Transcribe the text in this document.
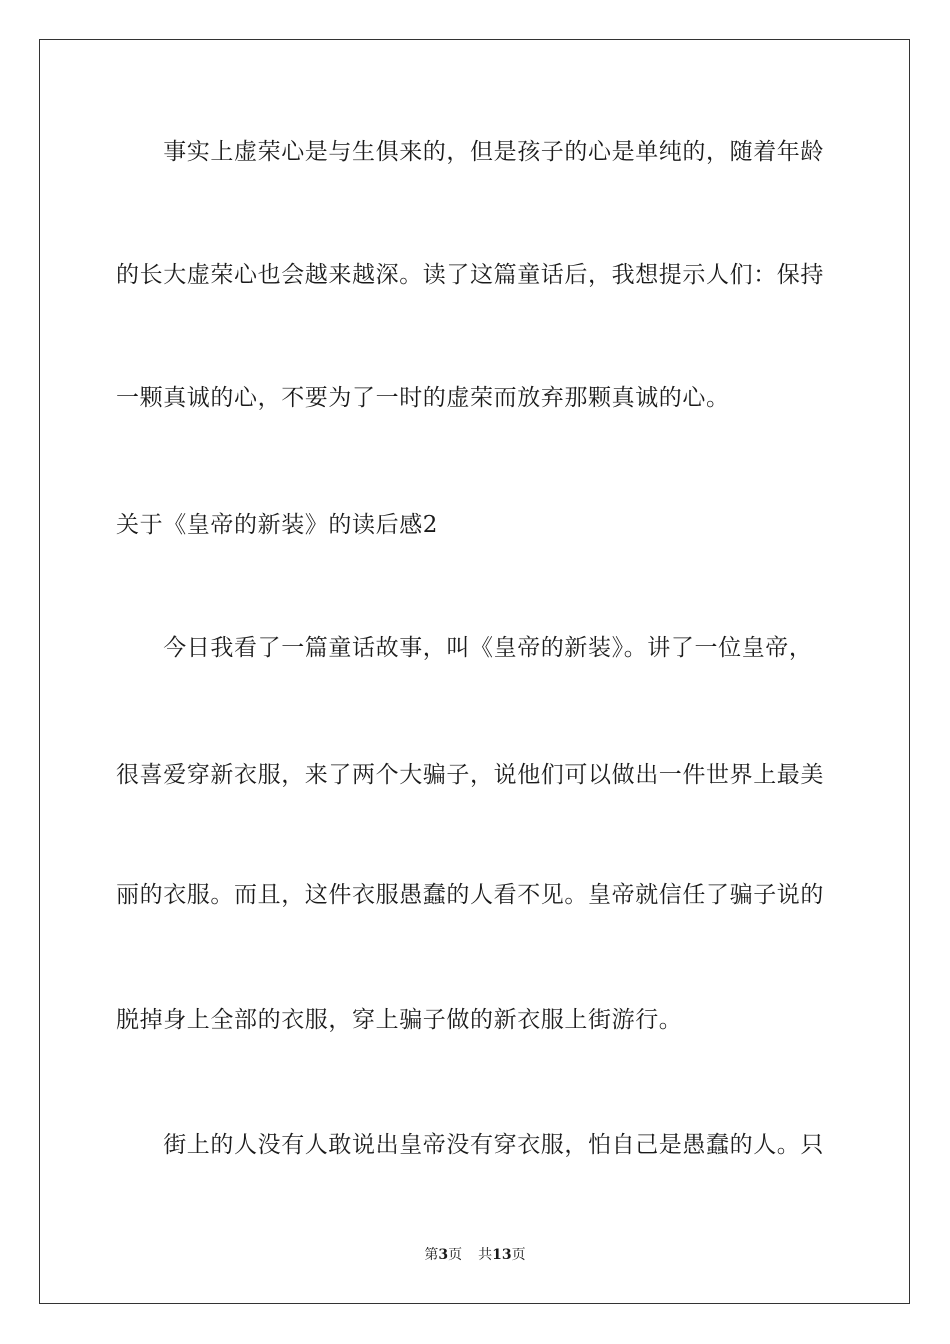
　　事实上虚荣心是与生俱来的，但是孩子的心是单纯的，随着年龄
的长大虚荣心也会越来越深。读了这篇童话后，我想提示人们：保持
一颗真诚的心，不要为了一时的虚荣而放弃那颗真诚的心。
关于《皇帝的新装》的读后感2
　　今日我看了一篇童话故事，叫《皇帝的新装》。讲了一位皇帝，
很喜爱穿新衣服，来了两个大骗子，说他们可以做出一件世界上最美
丽的衣服。而且，这件衣服愚蠢的人看不见。皇帝就信任了骗子说的
脱掉身上全部的衣服，穿上骗子做的新衣服上街游行。
　　街上的人没有人敢说出皇帝没有穿衣服，怕自己是愚蠢的人。只
第3页 共13页
